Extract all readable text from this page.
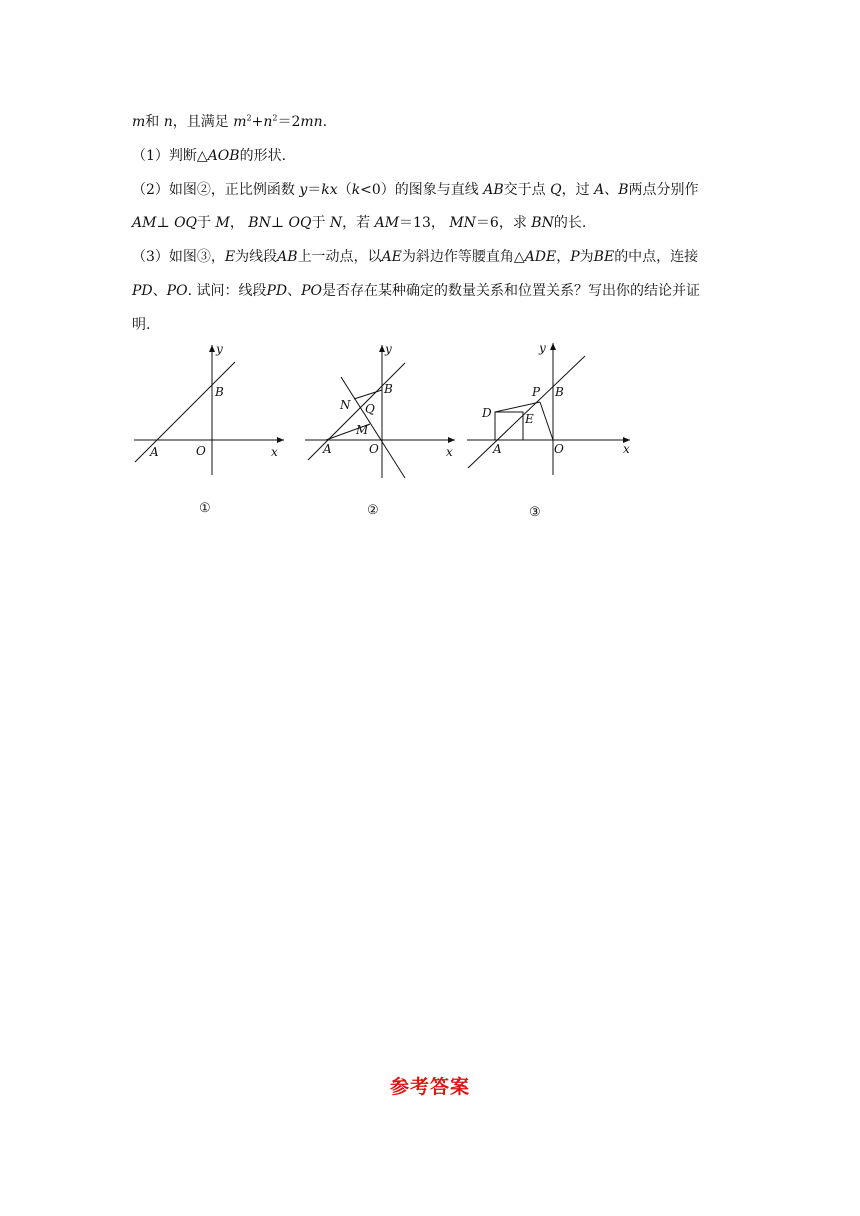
m和 n，且满足 $m^2+n^2=2mn$.
（1）判断△AOB的形状.
（2）如图②，正比例函数 y＝kx（k<0）的图象与直线 AB交于点 Q，过 A、B两点分别作
AM⊥ OQ于 M， BN⊥ OQ于 N，若 AM＝13， MN＝6，求 BN的长.
（3）如图③，E为线段AB上一动点，以AE为斜边作等腰直角△ADE，P为BE的中点，连接
PD、PO. 试问：线段PD、PO是否存在某种确定的数量关系和位置关系？写出你的结论并证
明.
y
x
O
A
B
①
y
x
O
A
B
N Q
M
②
y
x
O
A
B
P
D	E
③
参考答案
